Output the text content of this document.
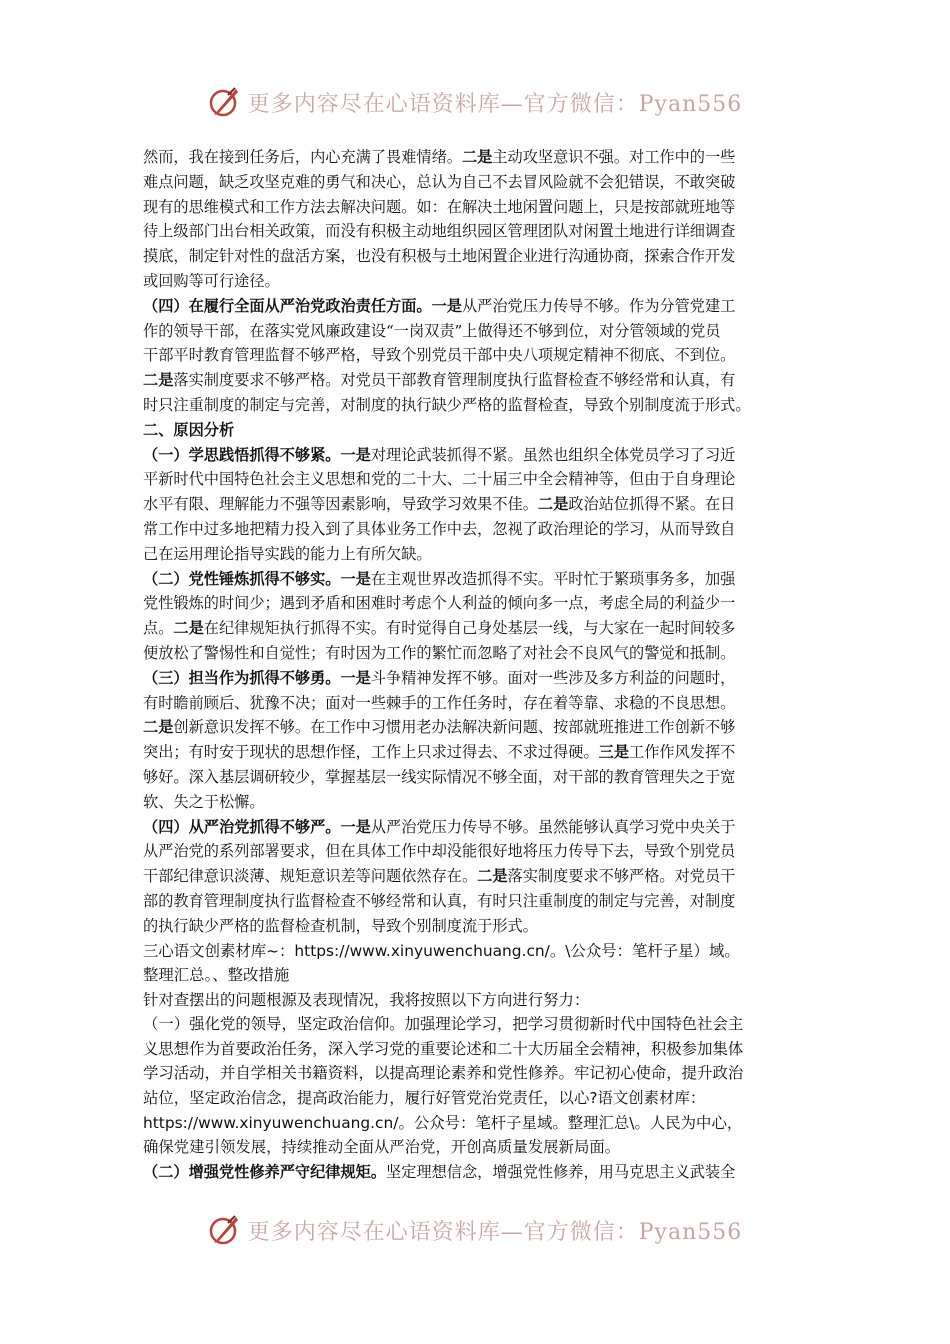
更多内容尽在心语资料库—官方微信：Pyan556
然而，我在接到任务后，内心充满了畏难情绪。二是主动攻坚意识不强。对工作中的一些
难点问题，缺乏攻坚克难的勇气和决心，总认为自己不去冒风险就不会犯错误，不敢突破
现有的思维模式和工作方法去解决问题。如：在解决土地闲置问题上，只是按部就班地等
待上级部门出台相关政策，而没有积极主动地组织园区管理团队对闲置土地进行详细调查
摸底，制定针对性的盘活方案，也没有积极与土地闲置企业进行沟通协商，探索合作开发
或回购等可行途径。
（四）在履行全面从严治党政治责任方面。一是从严治党压力传导不够。作为分管党建工
作的领导干部，在落实党风廉政建设“一岗双责”上做得还不够到位，对分管领域的党员
干部平时教育管理监督不够严格，导致个别党员干部中央八项规定精神不彻底、不到位。
二是落实制度要求不够严格。对党员干部教育管理制度执行监督检查不够经常和认真，有
时只注重制度的制定与完善，对制度的执行缺少严格的监督检查，导致个别制度流于形式。
二、原因分析
（一）学思践悟抓得不够紧。一是对理论武装抓得不紧。虽然也组织全体党员学习了习近
平新时代中国特色社会主义思想和党的二十大、二十届三中全会精神等，但由于自身理论
水平有限、理解能力不强等因素影响，导致学习效果不佳。二是政治站位抓得不紧。在日
常工作中过多地把精力投入到了具体业务工作中去，忽视了政治理论的学习，从而导致自
己在运用理论指导实践的能力上有所欠缺。
（二）党性锤炼抓得不够实。一是在主观世界改造抓得不实。平时忙于繁琐事务多，加强
党性锻炼的时间少；遇到矛盾和困难时考虑个人利益的倾向多一点，考虑全局的利益少一
点。二是在纪律规矩执行抓得不实。有时觉得自己身处基层一线，与大家在一起时间较多
便放松了警惕性和自觉性；有时因为工作的繁忙而忽略了对社会不良风气的警觉和抵制。
（三）担当作为抓得不够勇。一是斗争精神发挥不够。面对一些涉及多方利益的问题时，
有时瞻前顾后、犹豫不决；面对一些棘手的工作任务时，存在着等靠、求稳的不良思想。
二是创新意识发挥不够。在工作中习惯用老办法解决新问题、按部就班推进工作创新不够
突出；有时安于现状的思想作怪，工作上只求过得去、不求过得硬。三是工作作风发挥不
够好。深入基层调研较少，掌握基层一线实际情况不够全面，对干部的教育管理失之于宽
软、失之于松懈。
（四）从严治党抓得不够严。一是从严治党压力传导不够。虽然能够认真学习党中央关于
从严治党的系列部署要求，但在具体工作中却没能很好地将压力传导下去，导致个别党员
干部纪律意识淡薄、规矩意识差等问题依然存在。二是落实制度要求不够严格。对党员干
部的教育管理制度执行监督检查不够经常和认真，有时只注重制度的制定与完善，对制度
的执行缺少严格的监督检查机制，导致个别制度流于形式。
三心语文创素材库~：https://www.xinyuwenchuang.cn/。\公众号：笔杆子星）域。
整理汇总。、整改措施
针对查摆出的问题根源及表现情况，我将按照以下方向进行努力：
（一）强化党的领导，坚定政治信仰。加强理论学习，把学习贯彻新时代中国特色社会主
义思想作为首要政治任务，深入学习党的重要论述和二十大历届全会精神，积极参加集体
学习活动，并自学相关书籍资料，以提高理论素养和党性修养。牢记初心使命，提升政治
站位，坚定政治信念，提高政治能力，履行好管党治党责任，以心?语文创素材库：
https://www.xinyuwenchuang.cn/。公众号：笔杆子星域。整理汇总\。人民为中心，
确保党建引领发展，持续推动全面从严治党，开创高质量发展新局面。
（二）增强党性修养严守纪律规矩。坚定理想信念，增强党性修养，用马克思主义武装全
更多内容尽在心语资料库—官方微信：Pyan556
